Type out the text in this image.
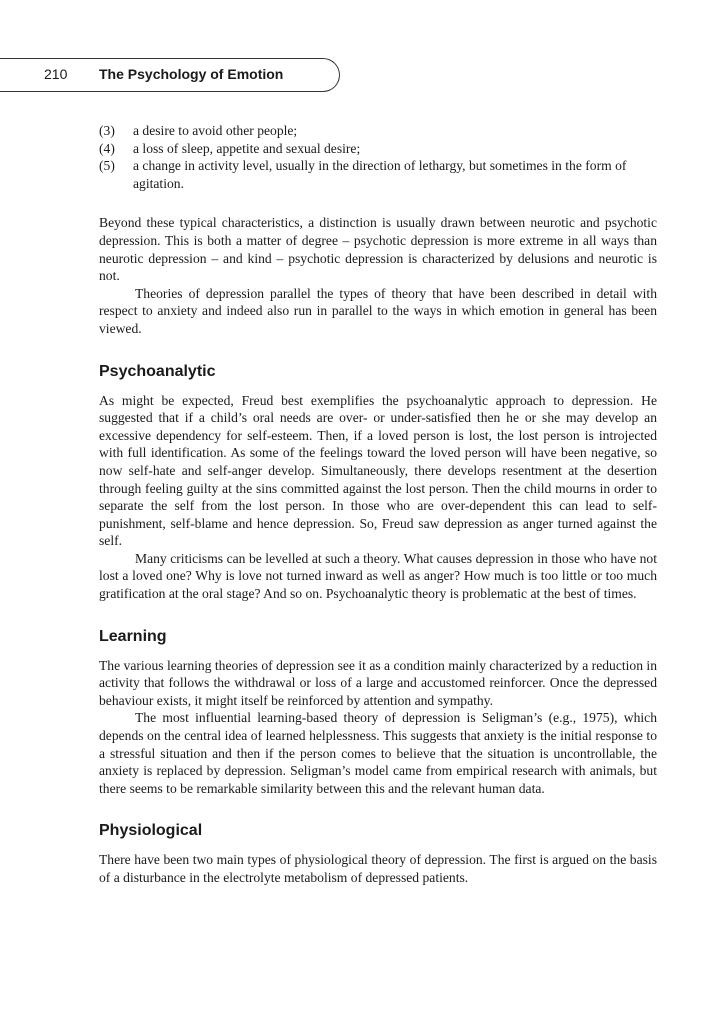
210 The Psychology of Emotion
(3)	a desire to avoid other people;
(4)	a loss of sleep, appetite and sexual desire;
(5)	a change in activity level, usually in the direction of lethargy, but sometimes in the form of agitation.

Beyond these typical characteristics, a distinction is usually drawn between neurotic and psychotic depression. This is both a matter of degree – psychotic depression is more extreme in all ways than neurotic depression – and kind – psychotic depression is characterized by delusions and neurotic is not.

Theories of depression parallel the types of theory that have been described in detail with respect to anxiety and indeed also run in parallel to the ways in which emotion in general has been viewed.

Psychoanalytic

As might be expected, Freud best exemplifies the psychoanalytic approach to depression. He suggested that if a child’s oral needs are over- or under-satisfied then he or she may develop an excessive dependency for self-esteem. Then, if a loved person is lost, the lost person is introjected with full identification. As some of the feelings toward the loved person will have been negative, so now self-hate and self-anger develop. Simultaneously, there develops resentment at the desertion through feeling guilty at the sins committed against the lost person. Then the child mourns in order to separate the self from the lost person. In those who are over-dependent this can lead to self-punishment, self-blame and hence depression. So, Freud saw depression as anger turned against the self.

Many criticisms can be levelled at such a theory. What causes depression in those who have not lost a loved one? Why is love not turned inward as well as anger? How much is too little or too much gratification at the oral stage? And so on. Psychoanalytic theory is problematic at the best of times.

Learning

The various learning theories of depression see it as a condition mainly characterized by a reduction in activity that follows the withdrawal or loss of a large and accustomed reinforcer. Once the depressed behaviour exists, it might itself be reinforced by attention and sympathy.

The most influential learning-based theory of depression is Seligman’s (e.g., 1975), which depends on the central idea of learned helplessness. This suggests that anxiety is the initial response to a stressful situation and then if the person comes to believe that the situation is uncontrollable, the anxiety is replaced by depression. Seligman’s model came from empirical research with animals, but there seems to be remarkable similarity between this and the relevant human data.

Physiological

There have been two main types of physiological theory of depression. The first is argued on the basis of a disturbance in the electrolyte metabolism of depressed patients.
